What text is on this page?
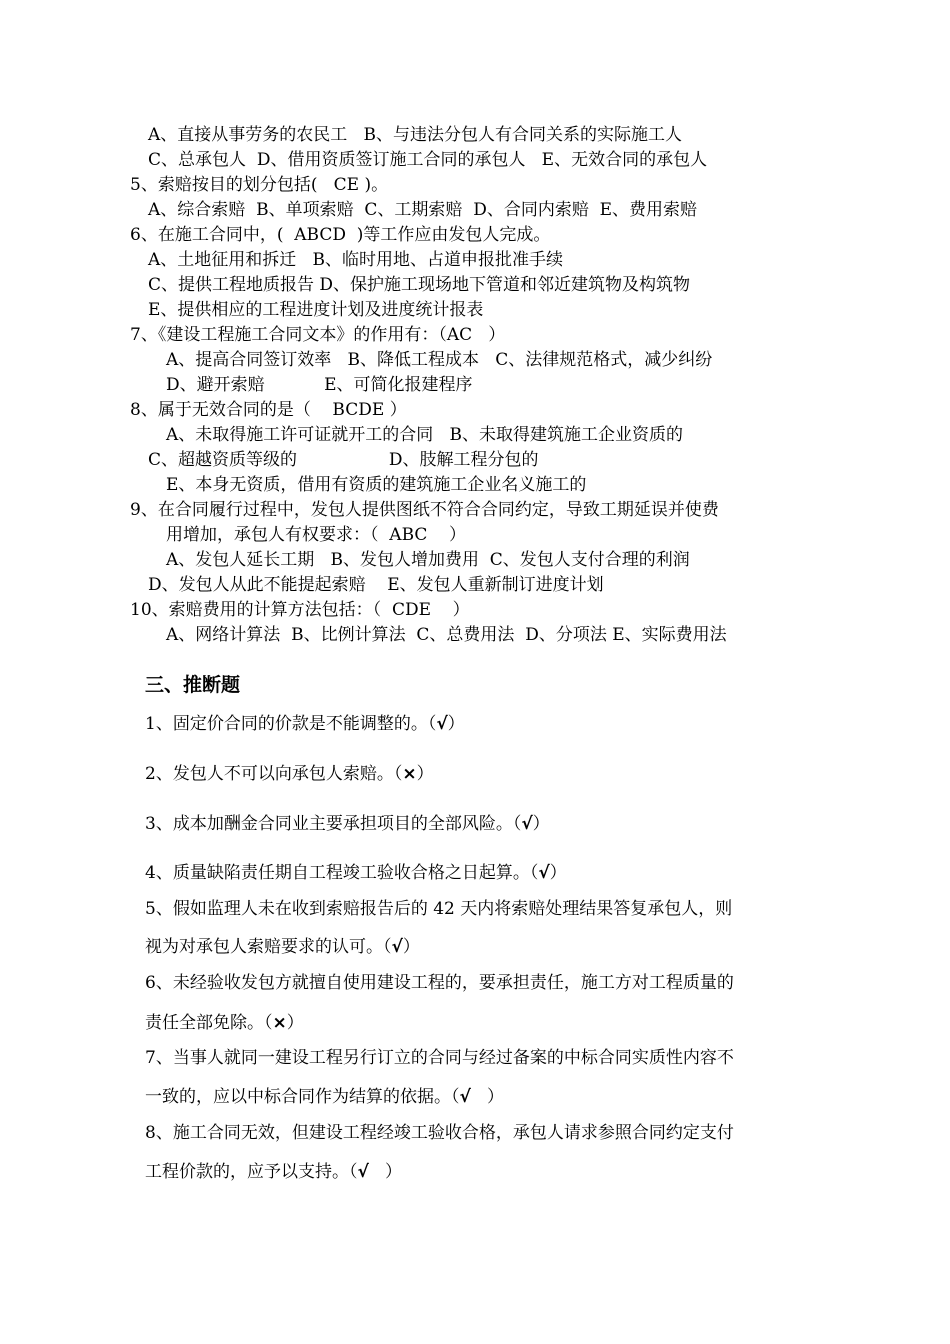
A、直接从事劳务的农民工   B、与违法分包人有合同关系的实际施工人
C、总承包人  D、借用资质签订施工合同的承包人   E、无效合同的承包人
5、索赔按目的划分包括(   CE )。
A、综合索赔  B、单项索赔  C、工期索赔  D、合同内索赔  E、费用索赔
6、在施工合同中，(  ABCD  )等工作应由发包人完成。
A、土地征用和拆迁   B、临时用地、占道申报批准手续
C、提供工程地质报告 D、保护施工现场地下管道和邻近建筑物及构筑物
E、提供相应的工程进度计划及进度统计报表
7、《建设工程施工合同文本》的作用有：（AC   ）
A、提高合同签订效率   B、降低工程成本   C、法律规范格式，减少纠纷
D、避开索赔           E、可简化报建程序
8、属于无效合同的是（    BCDE ）
A、未取得施工许可证就开工的合同   B、未取得建筑施工企业资质的
C、超越资质等级的                 D、肢解工程分包的
E、本身无资质，借用有资质的建筑施工企业名义施工的
9、在合同履行过程中，发包人提供图纸不符合合同约定，导致工期延误并使费
用增加，承包人有权要求：（  ABC    ）
A、发包人延长工期   B、发包人增加费用  C、发包人支付合理的利润
D、发包人从此不能提起索赔    E、发包人重新制订进度计划
10、索赔费用的计算方法包括：（  CDE    ）
A、网络计算法  B、比例计算法  C、总费用法  D、分项法 E、实际费用法
三、推断题
1、固定价合同的价款是不能调整的。（√）
2、发包人不可以向承包人索赔。（×）
3、成本加酬金合同业主要承担项目的全部风险。（√）
4、质量缺陷责任期自工程竣工验收合格之日起算。（√）
5、假如监理人未在收到索赔报告后的 42 天内将索赔处理结果答复承包人，则
视为对承包人索赔要求的认可。（√）
6、未经验收发包方就擅自使用建设工程的，要承担责任，施工方对工程质量的
责任全部免除。（×）
7、当事人就同一建设工程另行订立的合同与经过备案的中标合同实质性内容不
一致的，应以中标合同作为结算的依据。（√   ）
8、施工合同无效，但建设工程经竣工验收合格，承包人请求参照合同约定支付
工程价款的，应予以支持。（√   ）
